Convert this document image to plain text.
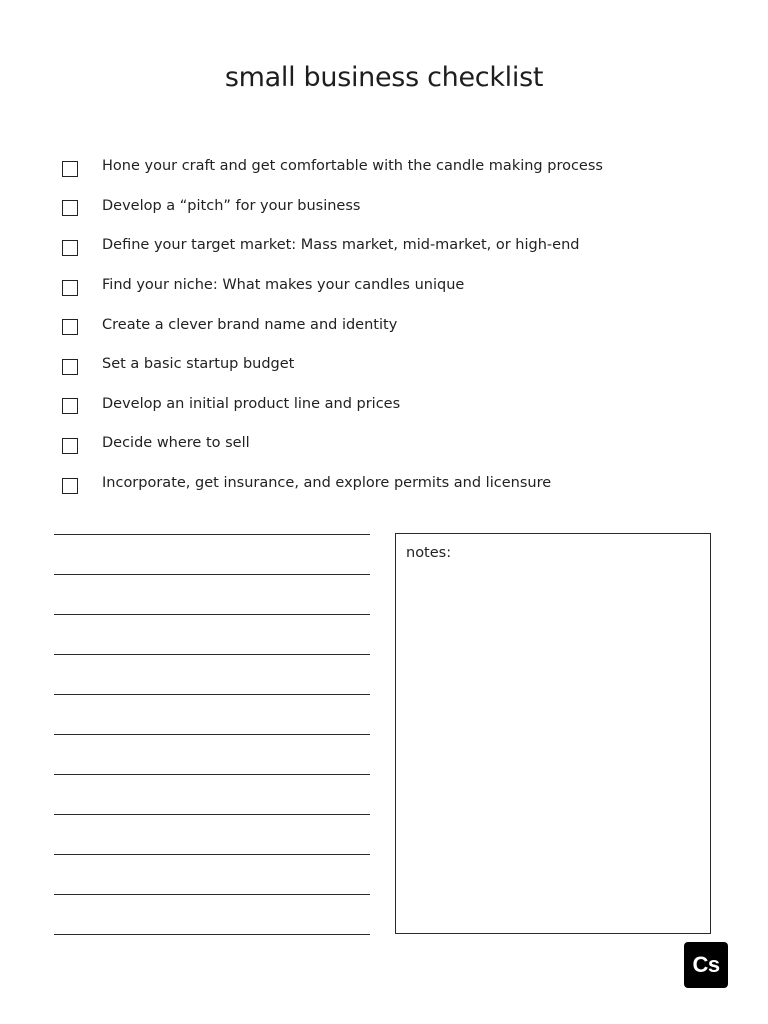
small business checklist
Hone your craft and get comfortable with the candle making process
Develop a “pitch” for your business
Define your target market: Mass market, mid-market, or high-end
Find your niche: What makes your candles unique
Create a clever brand name and identity
Set a basic startup budget
Develop an initial product line and prices
Decide where to sell
Incorporate, get insurance, and explore permits and licensure
notes:
Cs
